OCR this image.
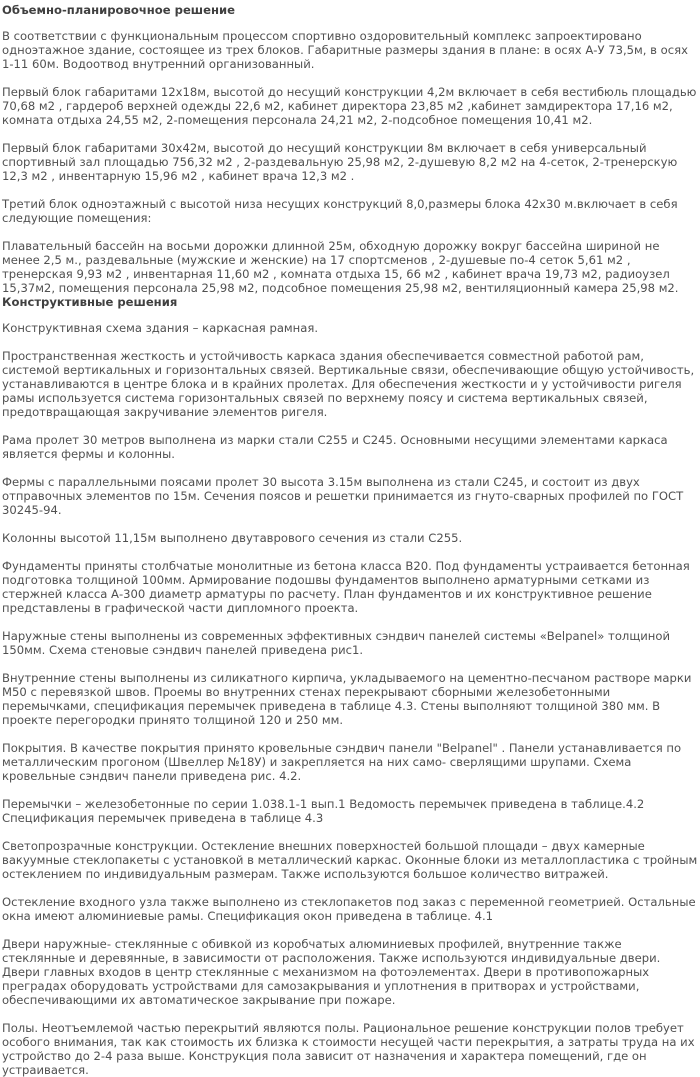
Объемно-планировочное решение

В соответствии с функциональным процессом спортивно оздоровительный комплекс запроектировано одноэтажное здание, состоящее из трех блоков. Габаритные размеры здания в плане: в осях А-У 73,5м, в осях 1-11 60м. Водоотвод внутренний организованный.

Первый блок габаритами 12х18м, высотой до несущий конструкции 4,2м включает в себя вестибюль площадью 70,68 м2 , гардероб верхней одежды 22,6 м2, кабинет директора 23,85 м2 ,кабинет замдиректора 17,16 м2, комната отдыха 24,55 м2, 2-помещения персонала 24,21 м2, 2-подсобное помещения 10,41 м2.

Первый блок габаритами 30х42м, высотой до несущий конструкции 8м включает в себя универсальный спортивный зал площадью 756,32 м2 , 2-раздевальную 25,98 м2, 2-душевую 8,2 м2 на 4-сеток, 2-тренерскую 12,3 м2 , инвентарную 15,96 м2 , кабинет врача 12,3 м2 .

Третий блок одноэтажный с высотой низа несущих конструкций 8,0,размеры блока 42х30 м.включает в себя следующие помещения:

Плавательный бассейн на восьми дорожки длинной 25м, обходную дорожку вокруг бассейна шириной не менее 2,5 м., раздевальные (мужские и женские) на 17 спортсменов , 2-душевые по-4 сеток 5,61 м2 , тренерская 9,93 м2 , инвентарная 11,60 м2 , комната отдыха 15, 66 м2 , кабинет врача 19,73 м2, радиоузел 15,37м2, помещения персонала 25,98 м2, подсобное помещения 25,98 м2, вентиляционный камера 25,98 м2.

Конструктивные решения

Конструктивная схема здания – каркасная рамная.

Пространственная жесткость и устойчивость каркаса здания обеспечивается совместной работой рам, системой вертикальных и горизонтальных связей. Вертикальные связи, обеспечивающие общую устойчивость, устанавливаются в центре блока и в крайних пролетах. Для обеспечения жесткости и у устойчивости ригеля рамы используется система горизонтальных связей по верхнему поясу и система вертикальных связей, предотвращающая закручивание элементов ригеля.

Рама пролет 30 метров выполнена из марки стали С255 и С245. Основными несущими элементами каркаса является фермы и колонны.

Фермы с параллельными поясами пролет 30 высота 3.15м выполнена из стали С245, и состоит из двух отправочных элементов по 15м. Сечения поясов и решетки принимается из гнуто-сварных профилей по ГОСТ 30245-94.

Колонны высотой 11,15м выполнено двутаврового сечения из стали С255.

Фундаменты приняты столбчатые монолитные из бетона класса В20. Под фундаменты устраивается бетонная подготовка толщиной 100мм. Армирование подошвы фундаментов выполнено арматурными сетками из стержней класса А-300 диаметр арматуры по расчету. План фундаментов и их конструктивное решение представлены в графической части дипломного проекта.

Наружные стены выполнены из современных эффективных сэндвич панелей системы «Belpanel» толщиной 150мм. Схема стеновые сэндвич панелей приведена рис1.

Внутренние стены выполнены из силикатного кирпича, укладываемого на цементно-песчаном растворе марки М50 с перевязкой швов. Проемы во внутренних стенах перекрывают сборными железобетонными перемычками, спецификация перемычек приведена в таблице 4.3. Стены выполняют толщиной 380 мм. В проекте перегородки принято толщиной 120 и 250 мм.

Покрытия. В качестве покрытия принято кровельные сэндвич панели "Belpanel" . Панели устанавливается по металлическим прогоном (Швеллер №18У) и закрепляется на них само- сверлящими шрупами. Схема кровельные сэндвич панели приведена рис. 4.2.

Перемычки – железобетонные по серии 1.038.1-1 вып.1 Ведомость перемычек приведена в таблице.4.2 Спецификация перемычек приведена в таблице 4.3

Светопрозрачные конструкции. Остекление внешних поверхностей большой площади – двух камерные вакуумные стеклопакеты с установкой в металлический каркас. Оконные блоки из металлопластика с тройным остеклением по индивидуальным размерам. Также используются большое количество витражей.

Остекление входного узла также выполнено из стеклопакетов под заказ с переменной геометрией. Остальные окна имеют алюминиевые рамы. Спецификация окон приведена в таблице. 4.1

Двери наружные- стеклянные с обивкой из коробчатых алюминиевых профилей, внутренние также стеклянные и деревянные, в зависимости от расположения. Также используются индивидуальные двери. Двери главных входов в центр стеклянные с механизмом на фотоэлементах. Двери в противопожарных преградах оборудовать устройствами для самозакрывания и уплотнения в притворах и устройствами, обеспечивающими их автоматическое закрывание при пожаре.

Полы. Неотъемлемой частью перекрытий являются полы. Рациональное решение конструкции полов требует особого внимания, так как стоимость их близка к стоимости несущей части перекрытия, а затраты труда на их устройство до 2-4 раза выше. Конструкция пола зависит от назначения и характера помещений, где он устраивается.
